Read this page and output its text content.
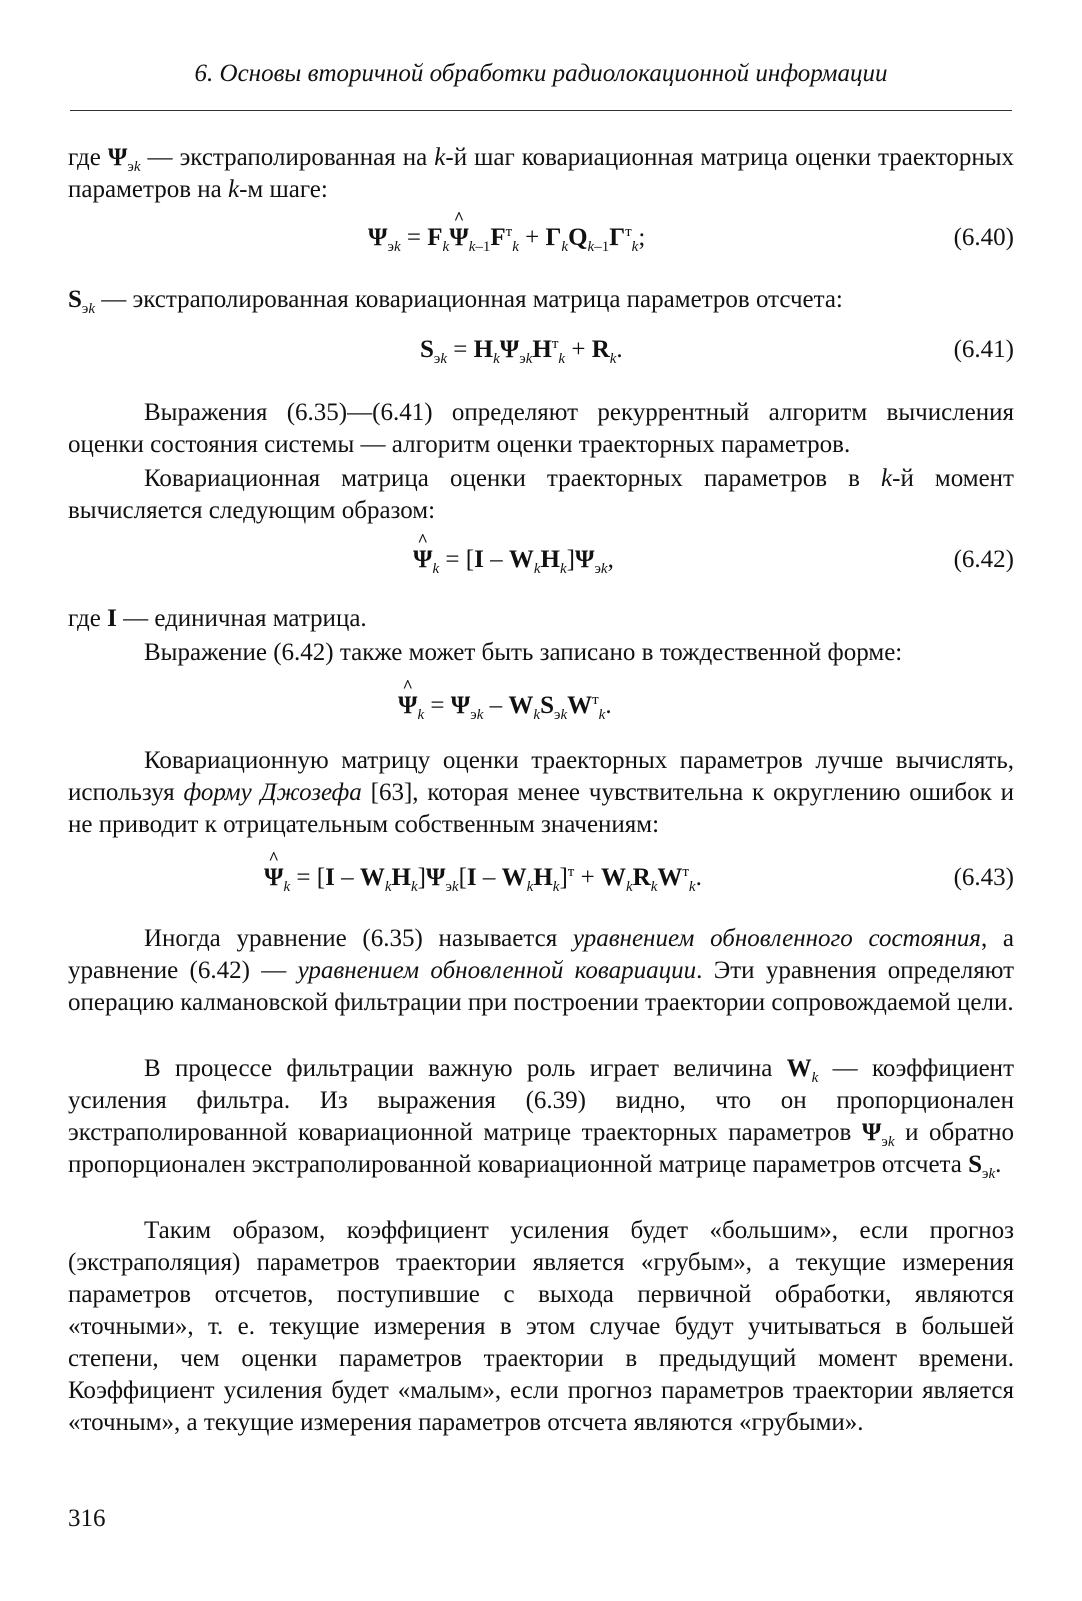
6. Основы вторичной обработки радиолокационной информации

где $\Psi_{эk}$ — экстраполированная на k-й шаг ковариационная матрица оценки траекторных параметров на k-м шаге:

$\Psi_{эk}$ = $F_k\^{}$ $\Psi_{k-1}F^т_k + \Gamma_kQ_{k-1}\Gamma^т_k$;	(6.40)

$S_{эk}$ — экстраполированная ковариационная матрица параметров отсчета:

$S_{эk} = H_k\Psi_{эk}H^т_k + R_k$.	(6.41)

Выражения (6.35)—(6.41) определяют рекуррентный алгоритм вычисления оценки состояния системы — алгоритм оценки траекторных параметров.

Ковариационная матрица оценки траекторных параметров в k-й момент вычисляется следующим образом:

^ $\Psi_k = [I - W_kH_k]\Psi_{эk}$,	(6.42)

где I — единичная матрица.

Выражение (6.42) также может быть записано в тождественной форме:

^ $\Psi_k = \Psi_{эk} - W_kS_{эk}W^т_k$.

Ковариационную матрицу оценки траекторных параметров лучше вычислять, используя форму Джозефа [63], которая менее чувствительна к округлению ошибок и не приводит к отрицательным собственным значениям:

^ $\Psi_k = [I - W_kH_k]\Psi_{эk}[I - W_kH_k]^т + W_kR_kW^т_k$.	(6.43)

Иногда уравнение (6.35) называется уравнением обновленного состояния, а уравнение (6.42) — уравнением обновленной ковариации. Эти уравнения определяют операцию калмановской фильтрации при построении траектории сопровождаемой цели.

В процессе фильтрации важную роль играет величина $W_k$ — коэффициент усиления фильтра. Из выражения (6.39) видно, что он пропорционален экстраполированной ковариационной матрице траекторных параметров $\Psi_{эk}$ и обратно пропорционален экстраполированной ковариационной матрице параметров отсчета $S_{эk}$.

Таким образом, коэффициент усиления будет «большим», если прогноз (экстраполяция) параметров траектории является «грубым», а текущие измерения параметров отсчетов, поступившие с выхода первичной обработки, являются «точными», т. е. текущие измерения в этом случае будут учитываться в большей степени, чем оценки параметров траектории в предыдущий момент времени. Коэффициент усиления будет «малым», если прогноз параметров траектории является «точным», а текущие измерения параметров отсчета являются «грубыми».

316
